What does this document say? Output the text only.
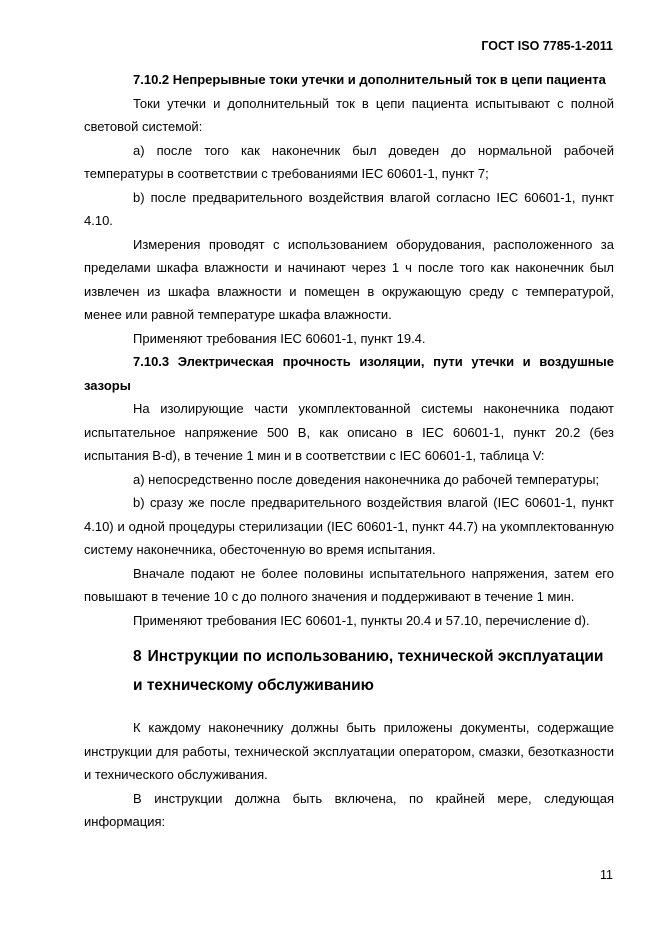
ГОСТ ISO 7785-1-2011

7.10.2 Непрерывные токи утечки и дополнительный ток в цепи пациента

Токи утечки и дополнительный ток в цепи пациента испытывают с полной световой системой:

а) после того как наконечник был доведен до нормальной рабочей температуры в соответствии с требованиями IEC 60601-1, пункт 7;

b) после предварительного воздействия влагой согласно IEC 60601-1, пункт 4.10.

Измерения проводят с использованием оборудования, расположенного за пределами шкафа влажности и начинают через 1 ч после того как наконечник был извлечен из шкафа влажности и помещен в окружающую среду с температурой, менее или равной температуре шкафа влажности.

Применяют требования IEC 60601-1, пункт 19.4.

7.10.3 Электрическая прочность изоляции, пути утечки и воздушные зазоры

На изолирующие части укомплектованной системы наконечника подают испытательное напряжение 500 В, как описано в IEC 60601-1, пункт 20.2 (без испытания B-d), в течение 1 мин и в соответствии с IEC 60601-1, таблица V:

а) непосредственно после доведения наконечника до рабочей температуры;

b) сразу же после предварительного воздействия влагой (IEC 60601-1, пункт 4.10) и одной процедуры стерилизации (IEC 60601-1, пункт 44.7) на укомплектованную систему наконечника, обесточенную во время испытания.

Вначале подают не более половины испытательного напряжения, затем его повышают в течение 10 с до полного значения и поддерживают в течение 1 мин.

Применяют требования IEC 60601-1, пункты 20.4 и 57.10, перечисление d).

8 Инструкции по использованию, технической эксплуатации
и техническому обслуживанию

К каждому наконечнику должны быть приложены документы, содержащие инструкции для работы, технической эксплуатации оператором, смазки, безотказности и технического обслуживания.

В инструкции должна быть включена, по крайней мере, следующая информация:

11
